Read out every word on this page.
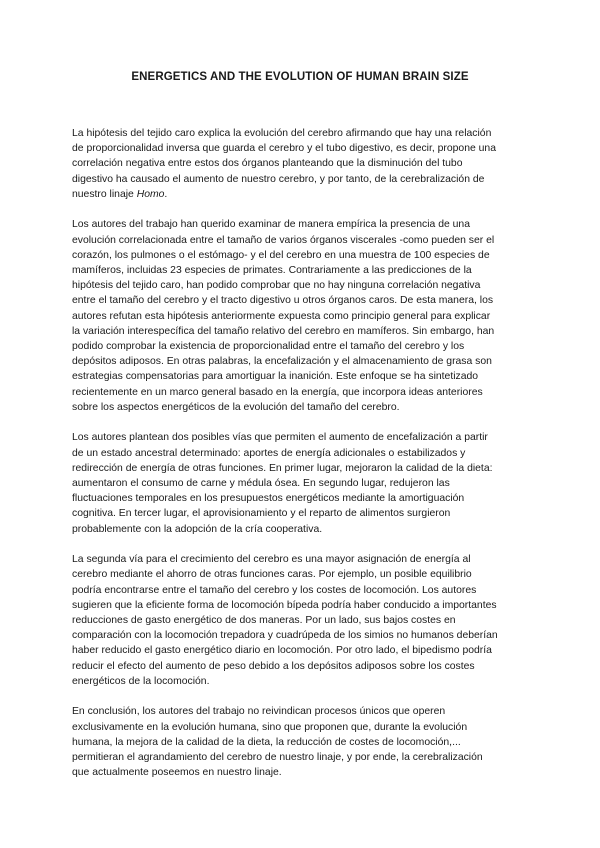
ENERGETICS AND THE EVOLUTION OF HUMAN BRAIN SIZE

La hipótesis del tejido caro explica la evolución del cerebro afirmando que hay una relación
de proporcionalidad inversa que guarda el cerebro y el tubo digestivo, es decir, propone una
correlación negativa entre estos dos órganos planteando que la disminución del tubo
digestivo ha causado el aumento de nuestro cerebro, y por tanto, de la cerebralización de
nuestro linaje Homo.

Los autores del trabajo han querido examinar de manera empírica la presencia de una
evolución correlacionada entre el tamaño de varios órganos viscerales -como pueden ser el
corazón, los pulmones o el estómago- y el del cerebro en una muestra de 100 especies de
mamíferos, incluidas 23 especies de primates. Contrariamente a las predicciones de la
hipótesis del tejido caro, han podido comprobar que no hay ninguna correlación negativa
entre el tamaño del cerebro y el tracto digestivo u otros órganos caros. De esta manera, los
autores refutan esta hipótesis anteriormente expuesta como principio general para explicar
la variación interespecífica del tamaño relativo del cerebro en mamíferos. Sin embargo, han
podido comprobar la existencia de proporcionalidad entre el tamaño del cerebro y los
depósitos adiposos. En otras palabras, la encefalización y el almacenamiento de grasa son
estrategias compensatorias para amortiguar la inanición. Este enfoque se ha sintetizado
recientemente en un marco general basado en la energía, que incorpora ideas anteriores
sobre los aspectos energéticos de la evolución del tamaño del cerebro.

Los autores plantean dos posibles vías que permiten el aumento de encefalización a partir
de un estado ancestral determinado: aportes de energía adicionales o estabilizados y
redirección de energía de otras funciones. En primer lugar, mejoraron la calidad de la dieta:
aumentaron el consumo de carne y médula ósea. En segundo lugar, redujeron las
fluctuaciones temporales en los presupuestos energéticos mediante la amortiguación
cognitiva. En tercer lugar, el aprovisionamiento y el reparto de alimentos surgieron
probablemente con la adopción de la cría cooperativa.

La segunda vía para el crecimiento del cerebro es una mayor asignación de energía al
cerebro mediante el ahorro de otras funciones caras. Por ejemplo, un posible equilibrio
podría encontrarse entre el tamaño del cerebro y los costes de locomoción. Los autores
sugieren que la eficiente forma de locomoción bípeda podría haber conducido a importantes
reducciones de gasto energético de dos maneras. Por un lado, sus bajos costes en
comparación con la locomoción trepadora y cuadrúpeda de los simios no humanos deberían
haber reducido el gasto energético diario en locomoción. Por otro lado, el bipedismo podría
reducir el efecto del aumento de peso debido a los depósitos adiposos sobre los costes
energéticos de la locomoción.

En conclusión, los autores del trabajo no reivindican procesos únicos que operen
exclusivamente en la evolución humana, sino que proponen que, durante la evolución
humana, la mejora de la calidad de la dieta, la reducción de costes de locomoción,...
permitieran el agrandamiento del cerebro de nuestro linaje, y por ende, la cerebralización
que actualmente poseemos en nuestro linaje.
